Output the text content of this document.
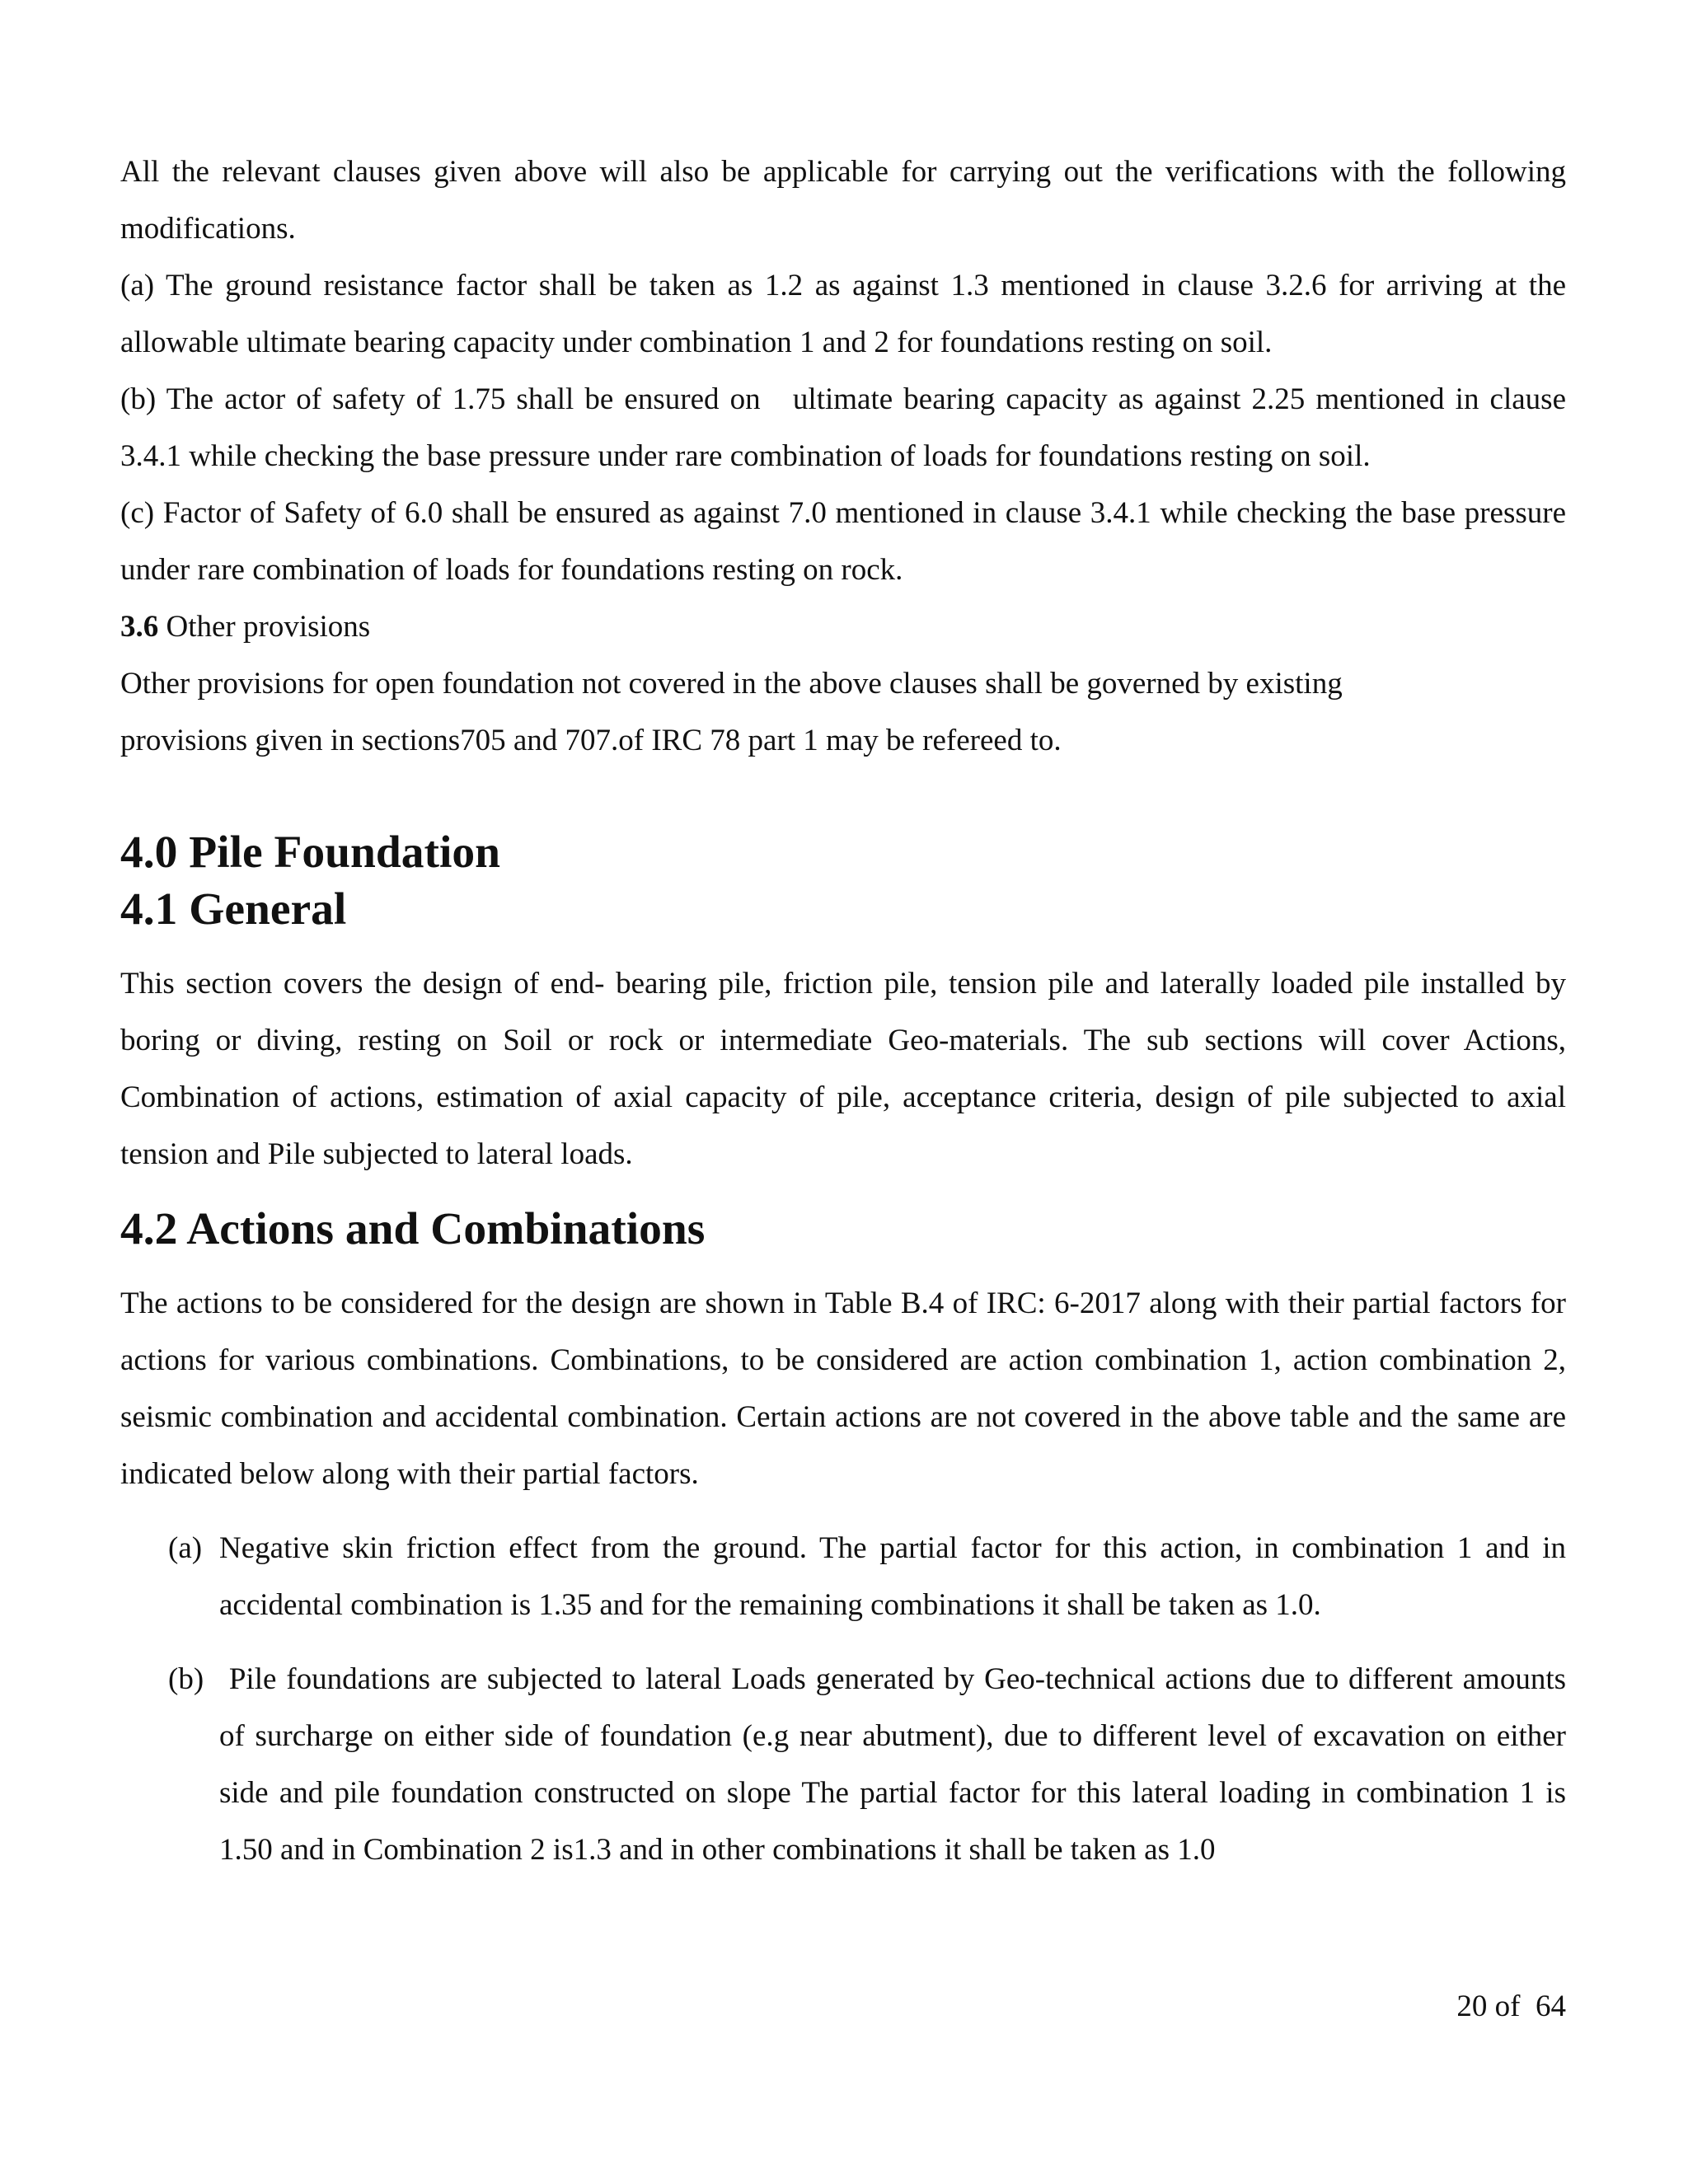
All the relevant clauses given above will also be applicable for carrying out the verifications with the following modifications.

(a) The ground resistance factor shall be taken as 1.2 as against 1.3 mentioned in clause 3.2.6 for arriving at the allowable ultimate bearing capacity under combination 1 and 2 for foundations resting on soil.

(b) The actor of safety of 1.75 shall be ensured on   ultimate bearing capacity as against 2.25 mentioned in clause 3.4.1 while checking the base pressure under rare combination of loads for foundations resting on soil.

(c) Factor of Safety of 6.0 shall be ensured as against 7.0 mentioned in clause 3.4.1 while checking the base pressure under rare combination of loads for foundations resting on rock.

3.6 Other provisions

Other provisions for open foundation not covered in the above clauses shall be governed by existing

provisions given in sections705 and 707.of IRC 78 part 1 may be refereed to.

4.0 Pile Foundation
4.1 General

This section covers the design of end- bearing pile, friction pile, tension pile and laterally loaded pile installed by boring or diving, resting on Soil or rock or intermediate Geo-materials. The sub sections will cover Actions, Combination of actions, estimation of axial capacity of pile, acceptance criteria, design of pile subjected to axial tension and Pile subjected to lateral loads.

4.2 Actions and Combinations

The actions to be considered for the design are shown in Table B.4 of IRC: 6-2017 along with their partial factors for actions for various combinations. Combinations, to be considered are action combination 1, action combination 2, seismic combination and accidental combination. Certain actions are not covered in the above table and the same are indicated below along with their partial factors.

(a) Negative skin friction effect from the ground. The partial factor for this action, in combination 1 and in accidental combination is 1.35 and for the remaining combinations it shall be taken as 1.0.
(b) Pile foundations are subjected to lateral Loads generated by Geo-technical actions due to different amounts of surcharge on either side of foundation (e.g near abutment), due to different level of excavation on either side and pile foundation constructed on slope The partial factor for this lateral loading in combination 1 is 1.50 and in Combination 2 is1.3 and in other combinations it shall be taken as 1.0
20 of  64
